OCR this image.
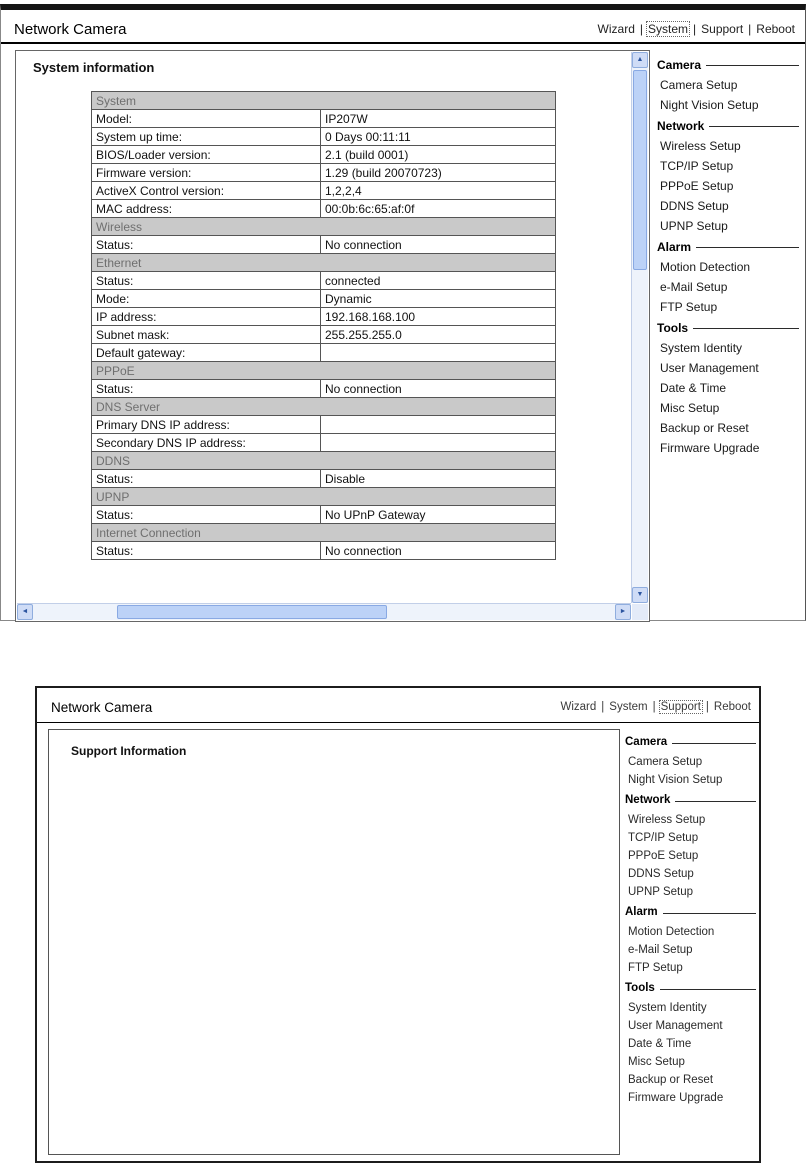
Network Camera	Wizard | System | Support | Reboot
System information
System	
Model:	IP207W
System up time:	0 Days 00:11:11
BIOS/Loader version:	2.1 (build 0001)
Firmware version:	1.29 (build 20070723)
ActiveX Control version:	1,2,2,4
MAC address:	00:0b:6c:65:af:0f
Wireless	
Status:	No connection
Ethernet	
Status:	connected
Mode:	Dynamic
IP address:	192.168.168.100
Subnet mask:	255.255.255.0
Default gateway:	
PPPoE	
Status:	No connection
DNS Server	
Primary DNS IP address:	
Secondary DNS IP address:	
DDNS	
Status:	Disable
UPNP	
Status:	No UPnP Gateway
Internet Connection	
Status:	No connection
▲
▼
◄	►
Camera
Camera Setup
Night Vision Setup
Network
Wireless Setup
TCP/IP Setup
PPPoE Setup
DDNS Setup
UPNP Setup
Alarm
Motion Detection
e-Mail Setup
FTP Setup
Tools
System Identity
User Management
Date & Time
Misc Setup
Backup or Reset
Firmware Upgrade
Network Camera	Wizard | System | Support | Reboot
Support Information
Camera
Camera Setup
Night Vision Setup
Network
Wireless Setup
TCP/IP Setup
PPPoE Setup
DDNS Setup
UPNP Setup
Alarm
Motion Detection
e-Mail Setup
FTP Setup
Tools
System Identity
User Management
Date & Time
Misc Setup
Backup or Reset
Firmware Upgrade
